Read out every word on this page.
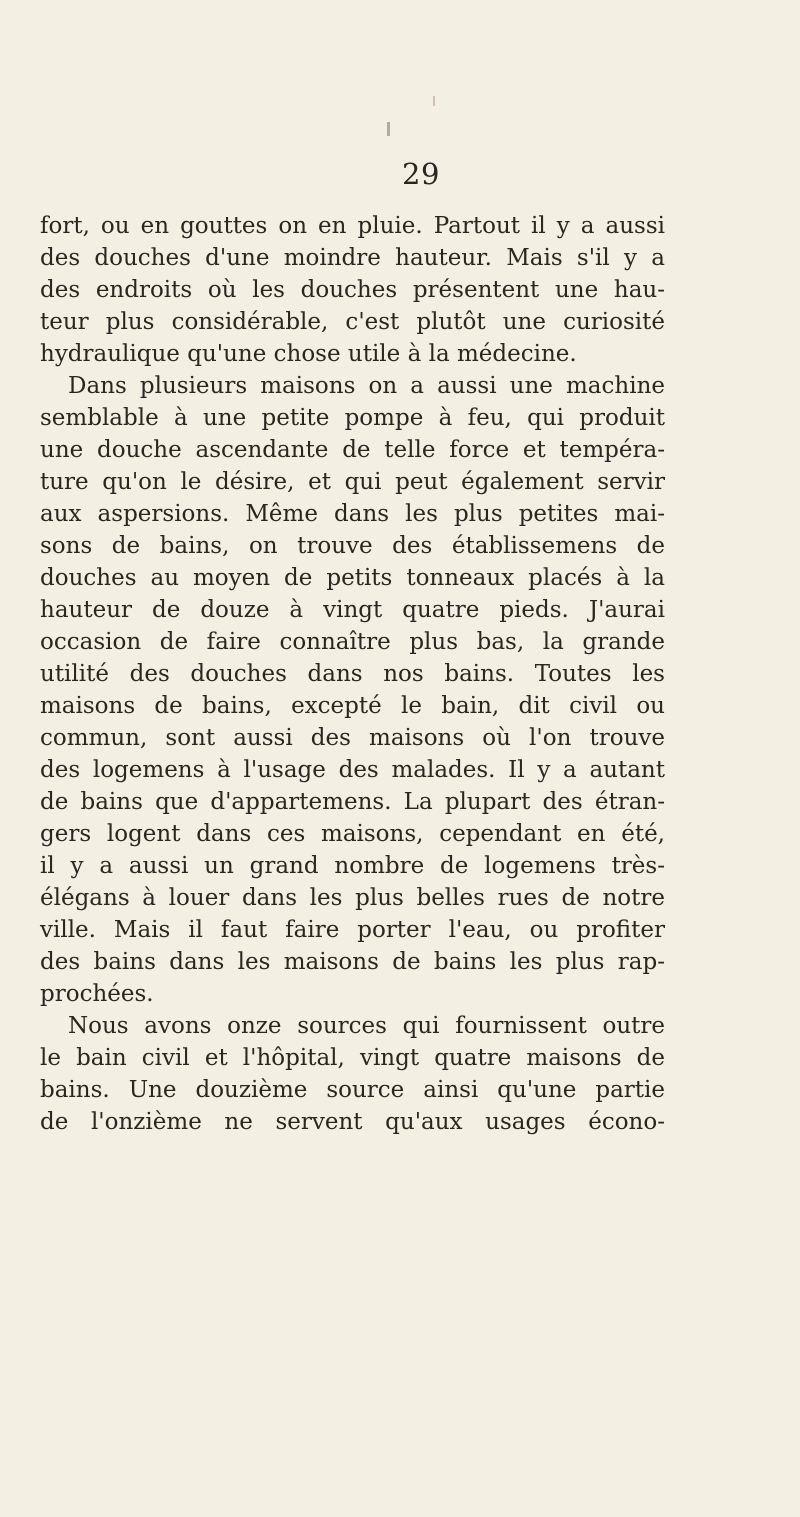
29
fort, ou en gouttes on en pluie. Partout il y a aussi
des douches d'une moindre hauteur. Mais s'il y a
des endroits où les douches présentent une hau-
teur plus considérable, c'est plutôt une curiosité
hydraulique qu'une chose utile à la médecine.
Dans plusieurs maisons on a aussi une machine
semblable à une petite pompe à feu, qui produit
une douche ascendante de telle force et tempéra-
ture qu'on le désire, et qui peut également servir
aux aspersions. Même dans les plus petites mai-
sons de bains, on trouve des établissemens de
douches au moyen de petits tonneaux placés à la
hauteur de douze à vingt quatre pieds. J'aurai
occasion de faire connaître plus bas, la grande
utilité des douches dans nos bains. Toutes les
maisons de bains, excepté le bain, dit civil ou
commun, sont aussi des maisons où l'on trouve
des logemens à l'usage des malades. Il y a autant
de bains que d'appartemens. La plupart des étran-
gers logent dans ces maisons, cependant en été,
il y a aussi un grand nombre de logemens très-
élégans à louer dans les plus belles rues de notre
ville. Mais il faut faire porter l'eau, ou profiter
des bains dans les maisons de bains les plus rap-
prochées.
Nous avons onze sources qui fournissent outre
le bain civil et l'hôpital, vingt quatre maisons de
bains. Une douzième source ainsi qu'une partie
de l'onzième ne servent qu'aux usages écono-
